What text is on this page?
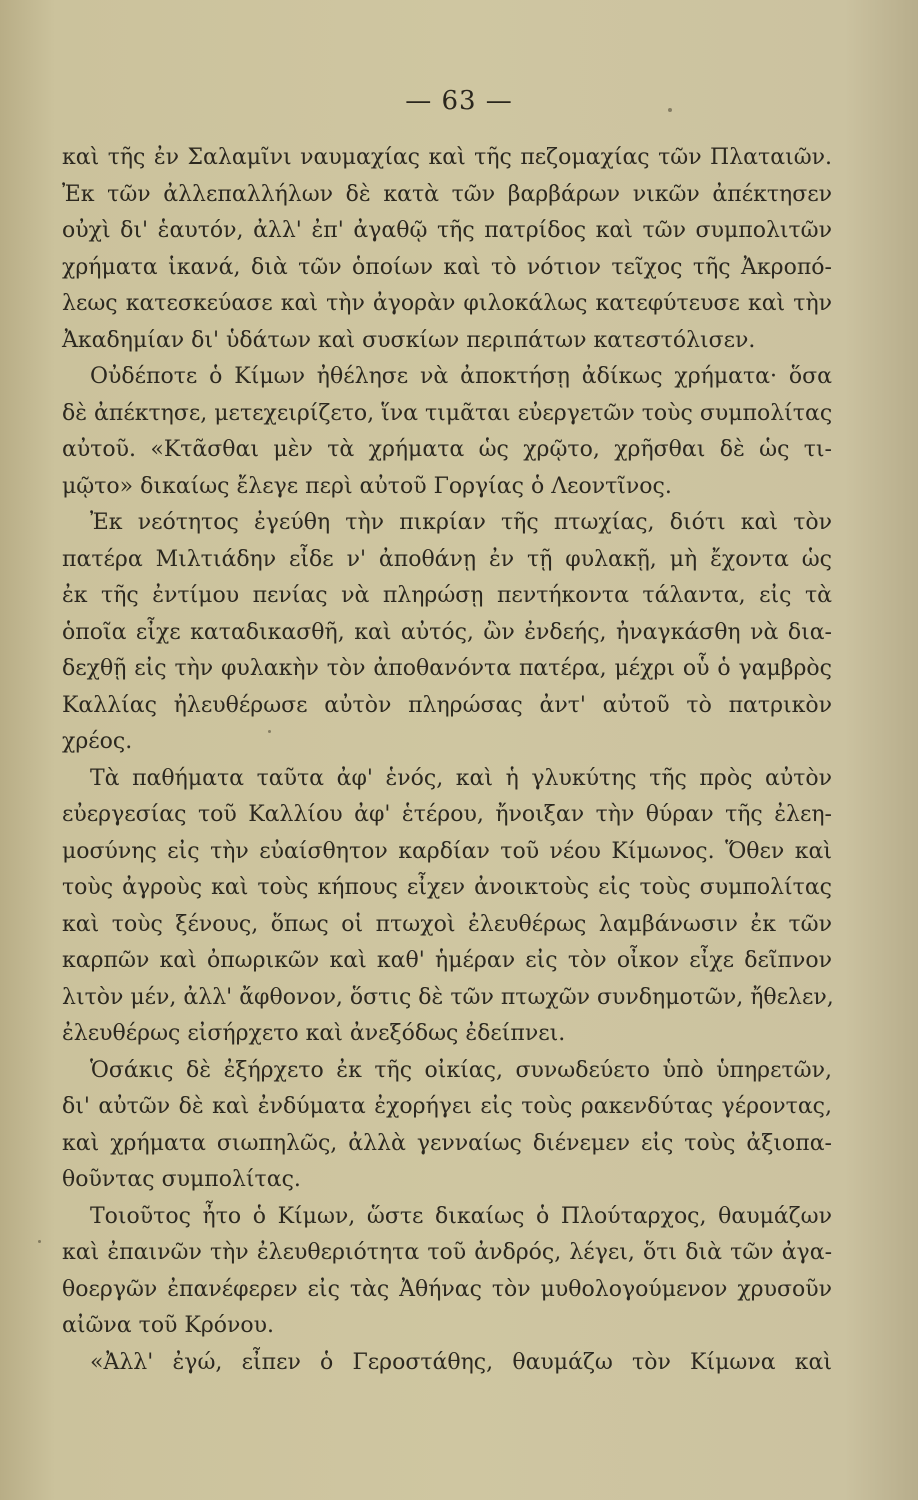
— 63 —
καὶ τῆς ἐν Σαλαμῖνι ναυμαχίας καὶ τῆς πεζομαχίας τῶν Πλαταιῶν.
Ἐκ τῶν ἀλλεπαλλήλων δὲ κατὰ τῶν βαρβάρων νικῶν ἀπέκτησεν
οὐχὶ δι' ἑαυτόν, ἀλλ' ἐπ' ἀγαθῷ τῆς πατρίδος καὶ τῶν συμπολιτῶν
χρήματα ἱκανά, διὰ τῶν ὁποίων καὶ τὸ νότιον τεῖχος τῆς Ἀκροπό-
λεως κατεσκεύασε καὶ τὴν ἀγορὰν φιλοκάλως κατεφύτευσε καὶ τὴν
Ἀκαδημίαν δι' ὑδάτων καὶ συσκίων περιπάτων κατεστόλισεν.
Οὐδέποτε ὁ Κίμων ἠθέλησε νὰ ἀποκτήσῃ ἀδίκως χρήματα· ὅσα
δὲ ἀπέκτησε, μετεχειρίζετο, ἵνα τιμᾶται εὐεργετῶν τοὺς συμπολίτας
αὐτοῦ. «Κτᾶσθαι μὲν τὰ χρήματα ὡς χρῷτο, χρῆσθαι δὲ ὡς τι-
μῷτο» δικαίως ἔλεγε περὶ αὐτοῦ Γοργίας ὁ Λεοντῖνος.
Ἐκ νεότητος ἐγεύθη τὴν πικρίαν τῆς πτωχίας, διότι καὶ τὸν
πατέρα Μιλτιάδην εἶδε ν' ἀποθάνῃ ἐν τῇ φυλακῇ, μὴ ἔχοντα ὡς
ἐκ τῆς ἐντίμου πενίας νὰ πληρώσῃ πεντήκοντα τάλαντα, εἰς τὰ
ὁποῖα εἶχε καταδικασθῆ, καὶ αὐτός, ὢν ἐνδεής, ἠναγκάσθη νὰ δια-
δεχθῇ εἰς τὴν φυλακὴν τὸν ἀποθανόντα πατέρα, μέχρι οὗ ὁ γαμβρὸς
Καλλίας ἠλευθέρωσε αὐτὸν πληρώσας ἀντ' αὐτοῦ τὸ πατρικὸν
χρέος.
Τὰ παθήματα ταῦτα ἀφ' ἑνός, καὶ ἡ γλυκύτης τῆς πρὸς αὐτὸν
εὐεργεσίας τοῦ Καλλίου ἀφ' ἑτέρου, ἤνοιξαν τὴν θύραν τῆς ἐλεη-
μοσύνης εἰς τὴν εὐαίσθητον καρδίαν τοῦ νέου Κίμωνος. Ὅθεν καὶ
τοὺς ἀγροὺς καὶ τοὺς κήπους εἶχεν ἀνοικτοὺς εἰς τοὺς συμπολίτας
καὶ τοὺς ξένους, ὅπως οἱ πτωχοὶ ἐλευθέρως λαμβάνωσιν ἐκ τῶν
καρπῶν καὶ ὀπωρικῶν καὶ καθ' ἡμέραν εἰς τὸν οἶκον εἶχε δεῖπνον
λιτὸν μέν, ἀλλ' ἄφθονον, ὅστις δὲ τῶν πτωχῶν συνδημοτῶν, ἤθελεν,
ἐλευθέρως εἰσήρχετο καὶ ἀνεξόδως ἐδείπνει.
Ὁσάκις δὲ ἐξήρχετο ἐκ τῆς οἰκίας, συνωδεύετο ὑπὸ ὑπηρετῶν,
δι' αὐτῶν δὲ καὶ ἐνδύματα ἐχορήγει εἰς τοὺς ρακενδύτας γέροντας,
καὶ χρήματα σιωπηλῶς, ἀλλὰ γενναίως διένεμεν εἰς τοὺς ἀξιοπα-
θοῦντας συμπολίτας.
Τοιοῦτος ἦτο ὁ Κίμων, ὥστε δικαίως ὁ Πλούταρχος, θαυμάζων
καὶ ἐπαινῶν τὴν ἐλευθεριότητα τοῦ ἀνδρός, λέγει, ὅτι διὰ τῶν ἀγα-
θοεργῶν ἐπανέφερεν εἰς τὰς Ἀθήνας τὸν μυθολογούμενον χρυσοῦν
αἰῶνα τοῦ Κρόνου.
«Ἀλλ' ἐγώ, εἶπεν ὁ Γεροστάθης, θαυμάζω τὸν Κίμωνα καὶ
